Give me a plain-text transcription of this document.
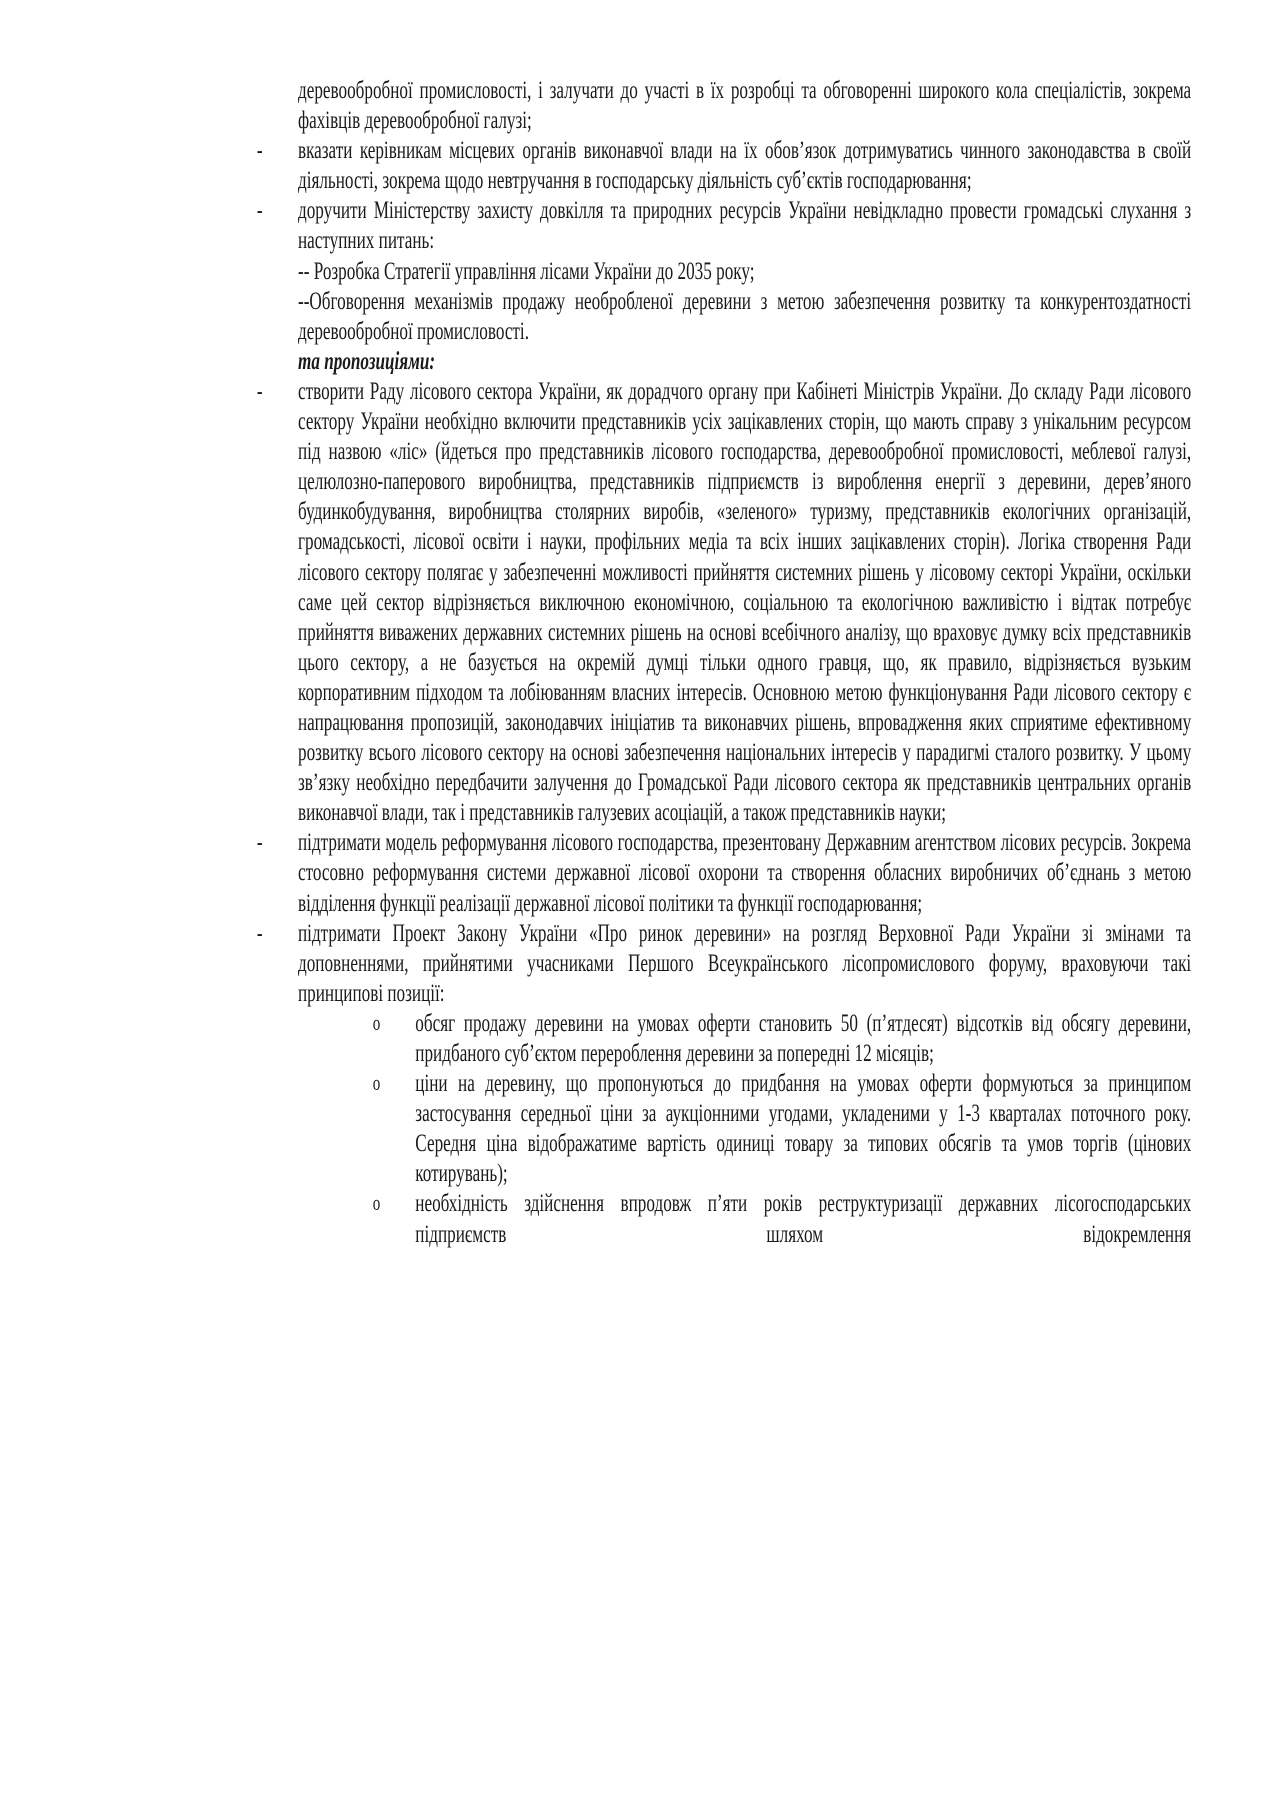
деревообробної промисловості, і залучати до участі в їх розробці та обговоренні широкого кола спеціалістів, зокрема фахівців деревообробної галузі;

-	вказати керівникам місцевих органів виконавчої влади на їх обов’язок дотримуватись чинного законодавства в своїй діяльності, зокрема щодо невтручання в господарську діяльність суб’єктів господарювання;

-	доручити Міністерству захисту довкілля та природних ресурсів України невідкладно провести громадські слухання з наступних питань:

-- Розробка Стратегії управління лісами України до 2035 року;

--Обговорення механізмів продажу необробленої деревини з метою забезпечення розвитку та конкурентоздатності деревообробної промисловості.

та пропозиціями:

-	створити Раду лісового сектора України, як дорадчого органу при Кабінеті Міністрів України. До складу Ради лісового сектору України необхідно включити представників усіх зацікавлених сторін, що мають справу з унікальним ресурсом під назвою «ліс» (йдеться про представників лісового господарства, деревообробної промисловості, меблевої галузі, целюлозно-паперового виробництва, представників підприємств із вироблення енергії з деревини, дерев’яного будинкобудування, виробництва столярних виробів, «зеленого» туризму, представників екологічних організацій, громадськості, лісової освіти і науки, профільних медіа та всіх інших зацікавлених сторін). Логіка створення Ради лісового сектору полягає у забезпеченні можливості прийняття системних рішень у лісовому секторі України, оскільки саме цей сектор відрізняється виключною економічною, соціальною та екологічною важливістю і відтак потребує прийняття виважених державних системних рішень на основі всебічного аналізу, що враховує думку всіх представників цього сектору, а не базується на окремій думці тільки одного гравця, що, як правило, відрізняється вузьким корпоративним підходом та лобіюванням власних інтересів. Основною метою функціонування Ради лісового сектору є напрацювання пропозицій, законодавчих ініціатив та виконавчих рішень, впровадження яких сприятиме ефективному розвитку всього лісового сектору на основі забезпечення національних інтересів у парадигмі сталого розвитку. У цьому зв’язку необхідно передбачити залучення до Громадської Ради лісового сектора як представників центральних органів виконавчої влади, так і представників галузевих асоціацій, а також представників науки;

-	підтримати модель реформування лісового господарства, презентовану Державним агентством лісових ресурсів. Зокрема стосовно реформування системи державної лісової охорони та створення обласних виробничих об’єднань з метою відділення функції реалізації державної лісової політики та функції господарювання;

-	підтримати Проект Закону України «Про ринок деревини» на розгляд Верховної Ради України зі змінами та доповненнями, прийнятими учасниками Першого Всеукраїнського лісопромислового форуму, враховуючи такі принципові позиції:

o обсяг продажу деревини на умовах оферти становить 50 (п’ятдесят) відсотків від обсягу деревини, придбаного суб’єктом перероблення деревини за попередні 12 місяців;

o ціни на деревину, що пропонуються до придбання на умовах оферти формуються за принципом застосування середньої ціни за аукціонними угодами, укладеними у 1-3 кварталах поточного року. Середня ціна відображатиме вартість одиниці товару за типових обсягів та умов торгів (цінових котирувань);

o необхідність здійснення впродовж п’яти років реструктуризації державних лісогосподарських підприємств шляхом відокремлення
